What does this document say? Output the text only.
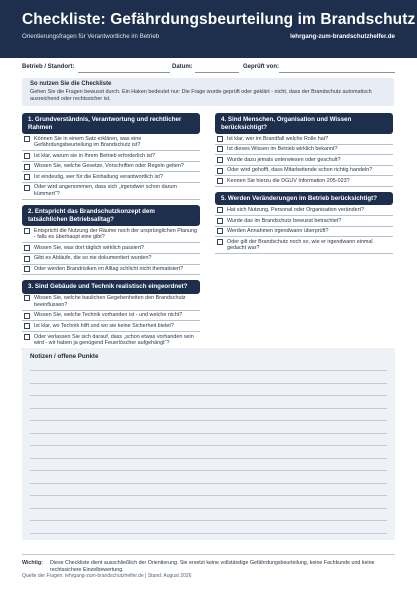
Checkliste: Gefährdungsbeurteilung im Brandschutz
Orientierungsfragen für Verantwortliche im Betrieb	lehrgang-zum-brandschutzhelfer.de
Betrieb / Standort:	Datum:	Geprüft von:
So nutzen Sie die Checkliste
Gehen Sie die Fragen bewusst durch. Ein Haken bedeutet nur: Die Frage wurde geprüft oder geklärt - nicht, dass der Brandschutz automatisch ausreichend oder rechtssicher ist.
1. Grundverständnis, Verantwortung und rechtlicher Rahmen
Können Sie in einem Satz erklären, was eine Gefährdungsbeurteilung im Brandschutz ist?
Ist klar, warum sie in Ihrem Betrieb erforderlich ist?
Wissen Sie, welche Gesetze, Vorschriften oder Regeln gelten?
Ist eindeutig, wer für die Einhaltung verantwortlich ist?
Oder wird angenommen, dass sich „irgendwer schon darum kümmert“?
2. Entspricht das Brandschutzkonzept dem tatsächlichen Betriebsalltag?
Entspricht die Nutzung der Räume noch der ursprünglichen Planung - falls es überhaupt eine gibt?
Wissen Sie, was dort täglich wirklich passiert?
Gibt es Abläufe, die so nie dokumentiert wurden?
Oder werden Brandrisiken im Alltag schlicht nicht thematisiert?
3. Sind Gebäude und Technik realistisch eingeordnet?
Wissen Sie, welche baulichen Gegebenheiten den Brandschutz beeinflussen?
Wissen Sie, welche Technik vorhanden ist - und welche nicht?
Ist klar, wo Technik hilft und wo sie keine Sicherheit bietet?
Oder verlassen Sie sich darauf, dass „schon etwas vorhanden sein wird - wir haben ja genügend Feuerlöscher aufgehängt“?
4. Sind Menschen, Organisation und Wissen berücksichtigt?
Ist klar, wer im Brandfall welche Rolle hat?
Ist dieses Wissen im Betrieb wirklich bekannt?
Wurde dazu jemals unterwiesen oder geschult?
Oder wird gehofft, dass Mitarbeitende schon richtig handeln?
Kennen Sie hierzu die DGUV Information 205-023?
5. Werden Veränderungen im Betrieb berücksichtigt?
Hat sich Nutzung, Personal oder Organisation verändert?
Wurde das im Brandschutz bewusst betrachtet?
Werden Annahmen irgendwann überprüft?
Oder gilt der Brandschutz noch so, wie er irgendwann einmal gedacht war?
Notizen / offene Punkte
Wichtig:	Diese Checkliste dient ausschließlich der Orientierung. Sie ersetzt keine vollständige Gefährdungsbeurteilung, keine Fachkunde und keine rechtssichere Einzelbewertung.
Quelle der Fragen: lehrgang-zum-brandschutzhelfer.de | Stand: August 2026
